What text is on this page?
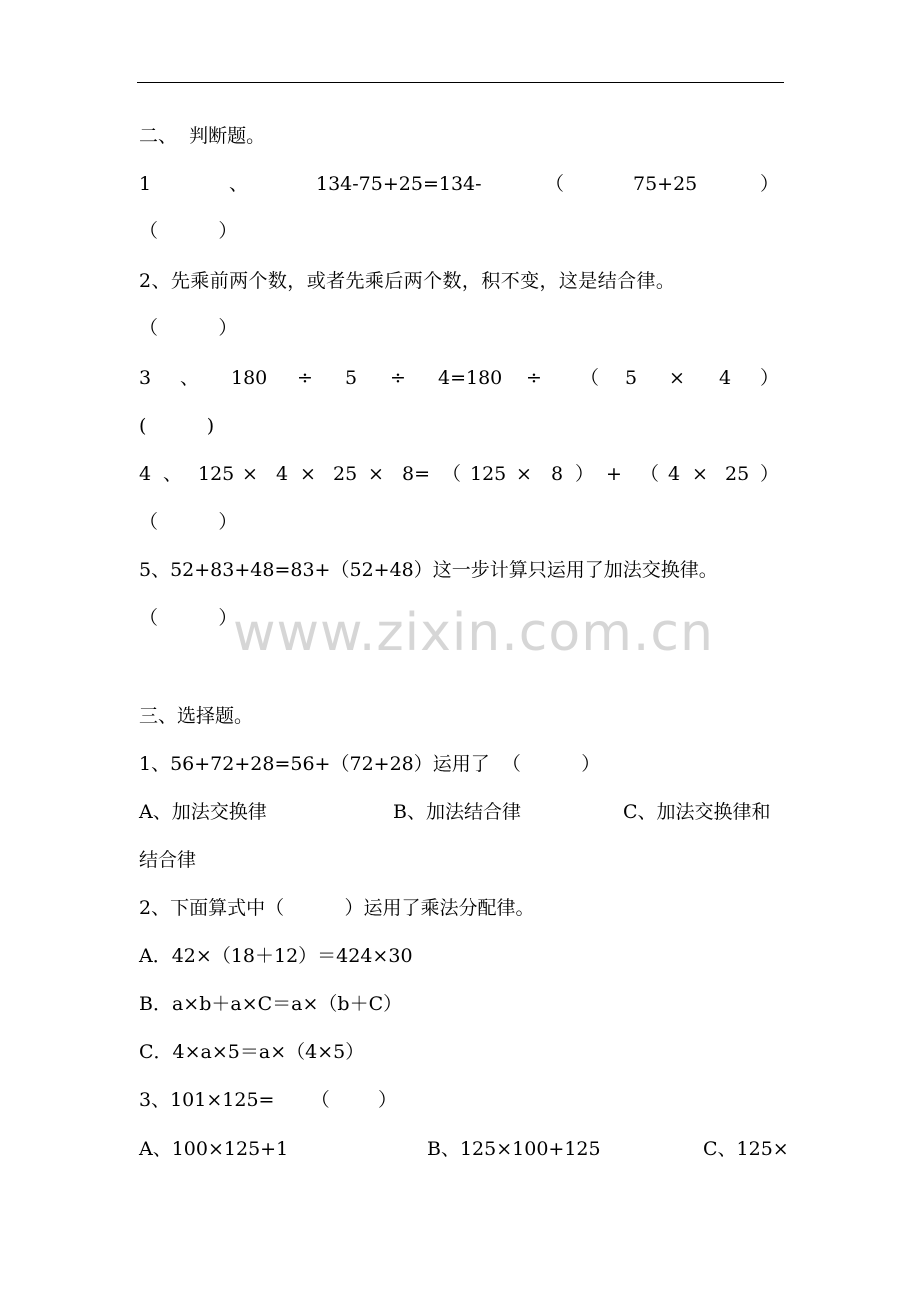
www.zixin.com.cn
二、  判断题。
1	、	134-75+25=134-	（	75+25	）
（          ）
2、先乘前两个数，或者先乘后两个数，积不变，这是结合律。
（          ）
3 、 180 ÷ 5 ÷ 4=180 ÷ （ 5 × 4 ）
(          )
4 、 125 × 4 × 25 × 8= （ 125 × 8 ） + （ 4 × 25 ）
（          ）
5、52+83+48=83+（52+48）这一步计算只运用了加法交换律。
（          ）
三、选择题。
1、56+72+28=56+（72+28）运用了  （          ）
A、加法交换律	B、加法结合律	C、加法交换律和
结合律
2、下面算式中（          ）运用了乘法分配律。
A．42×（18＋12）＝424×30
B．a×b＋a×C＝a×（b＋C）
C．4×a×5＝a×（4×5）
3、101×125=      （        ）
A、100×125+1	B、125×100+125	C、125×
